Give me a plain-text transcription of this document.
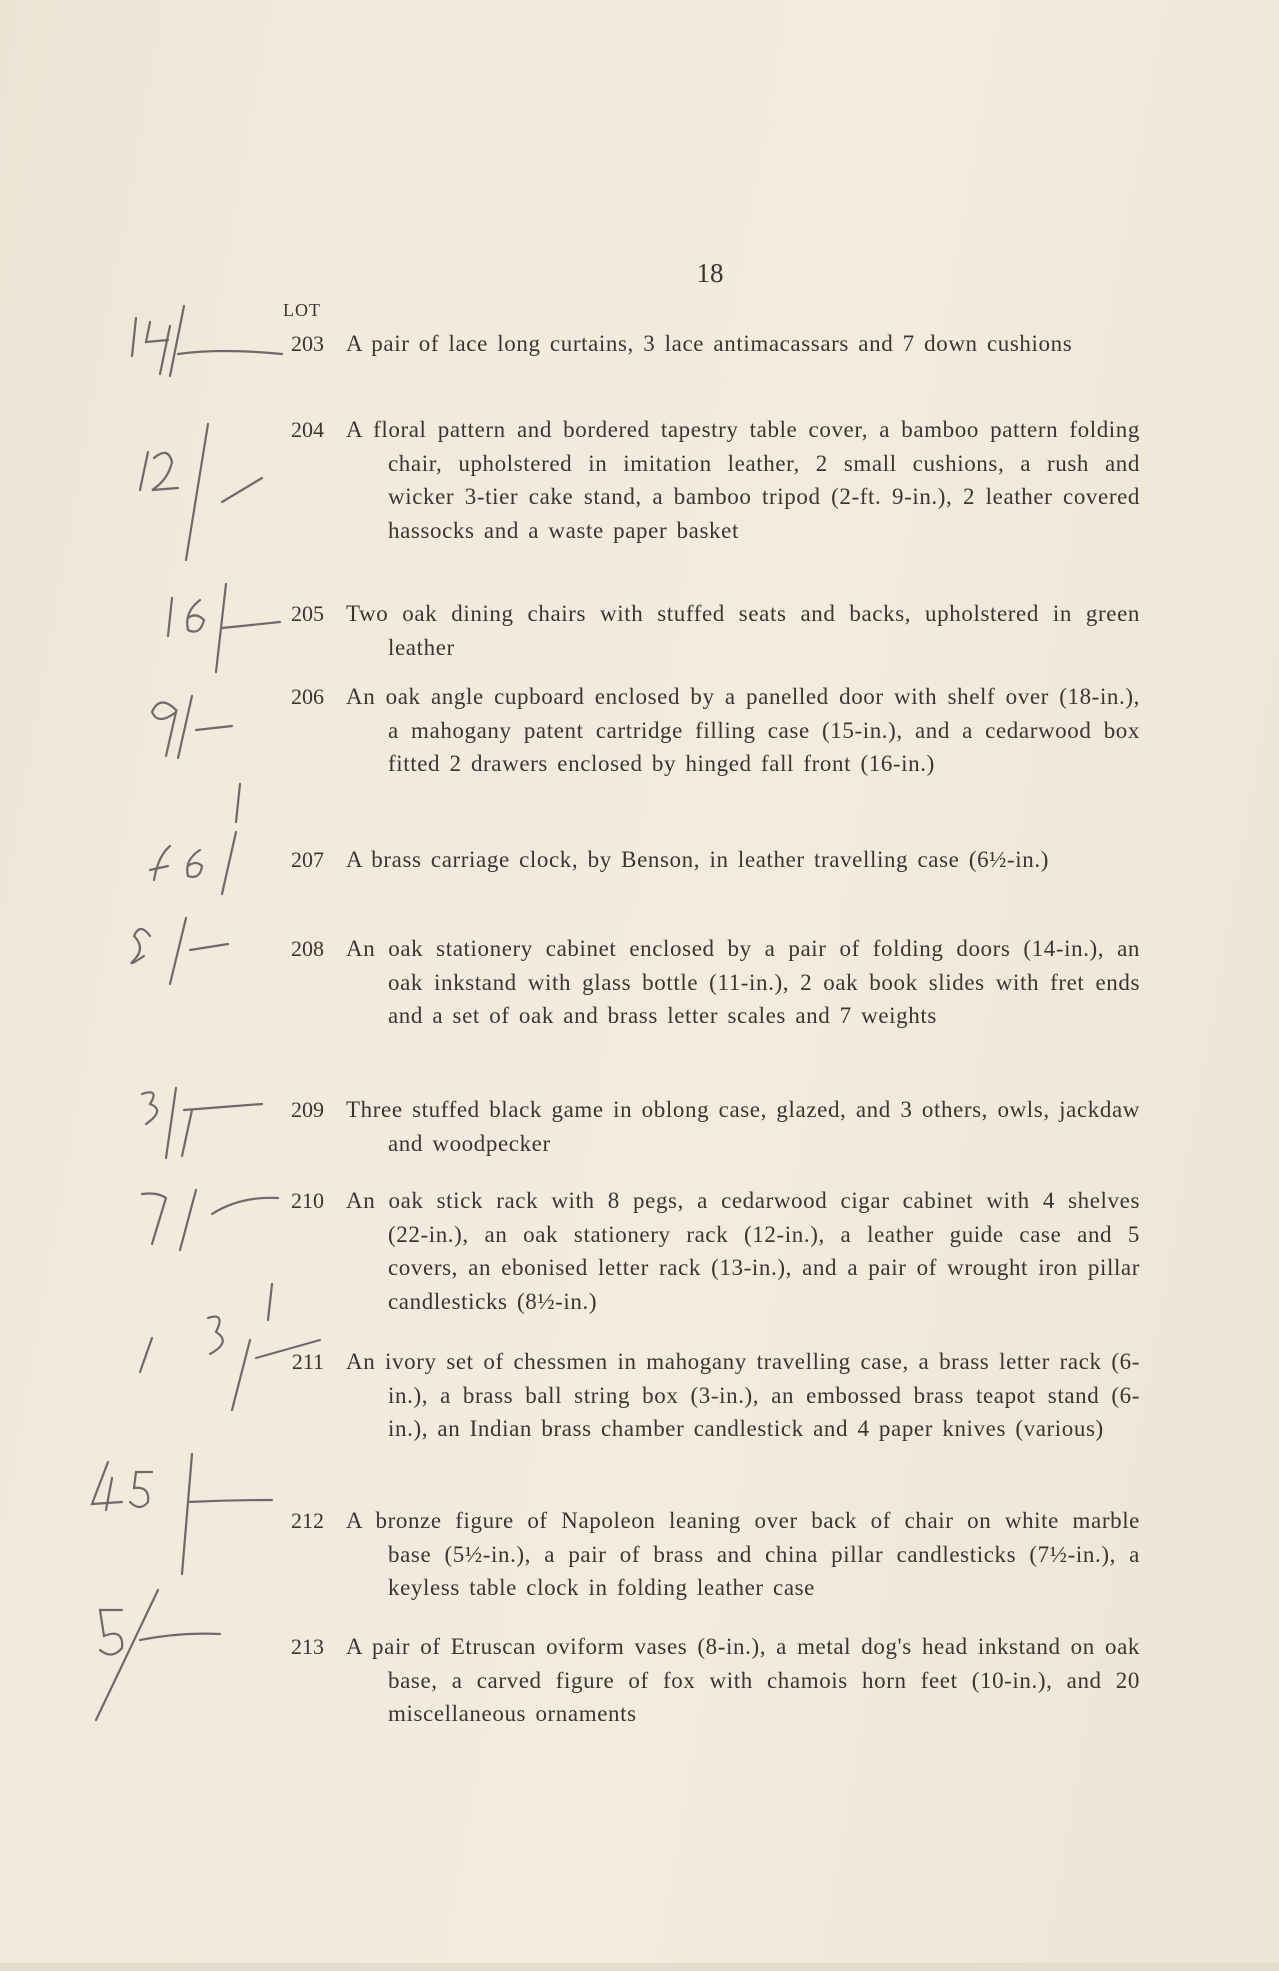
18
LOT
203 A pair of lace long curtains, 3 lace antimacassars and 7 down cushions

204 A floral pattern and bordered tapestry table cover, a bamboo pattern folding chair, upholstered in imitation leather, 2 small cushions, a rush and wicker 3-tier cake stand, a bamboo tripod (2-ft. 9-in.), 2 leather covered hassocks and a waste paper basket

205 Two oak dining chairs with stuffed seats and backs, upholstered in green leather

206 An oak angle cupboard enclosed by a panelled door with shelf over (18-in.), a mahogany patent cartridge filling case (15-in.), and a cedarwood box fitted 2 drawers enclosed by hinged fall front (16-in.)

207 A brass carriage clock, by Benson, in leather travelling case (6½-in.)

208 An oak stationery cabinet enclosed by a pair of folding doors (14-in.), an oak inkstand with glass bottle (11-in.), 2 oak book slides with fret ends and a set of oak and brass letter scales and 7 weights

209 Three stuffed black game in oblong case, glazed, and 3 others, owls, jackdaw and woodpecker

210 An oak stick rack with 8 pegs, a cedarwood cigar cabinet with 4 shelves (22-in.), an oak stationery rack (12-in.), a leather guide case and 5 covers, an ebonised letter rack (13-in.), and a pair of wrought iron pillar candlesticks (8½-in.)

211 An ivory set of chessmen in mahogany travelling case, a brass letter rack (6-in.), a brass ball string box (3-in.), an embossed brass teapot stand (6-in.), an Indian brass chamber candlestick and 4 paper knives (various)

212 A bronze figure of Napoleon leaning over back of chair on white marble base (5½-in.), a pair of brass and china pillar candlesticks (7½-in.), a keyless table clock in folding leather case

213 A pair of Etruscan oviform vases (8-in.), a metal dog's head inkstand on oak base, a carved figure of fox with chamois horn feet (10-in.), and 20 miscellaneous ornaments
